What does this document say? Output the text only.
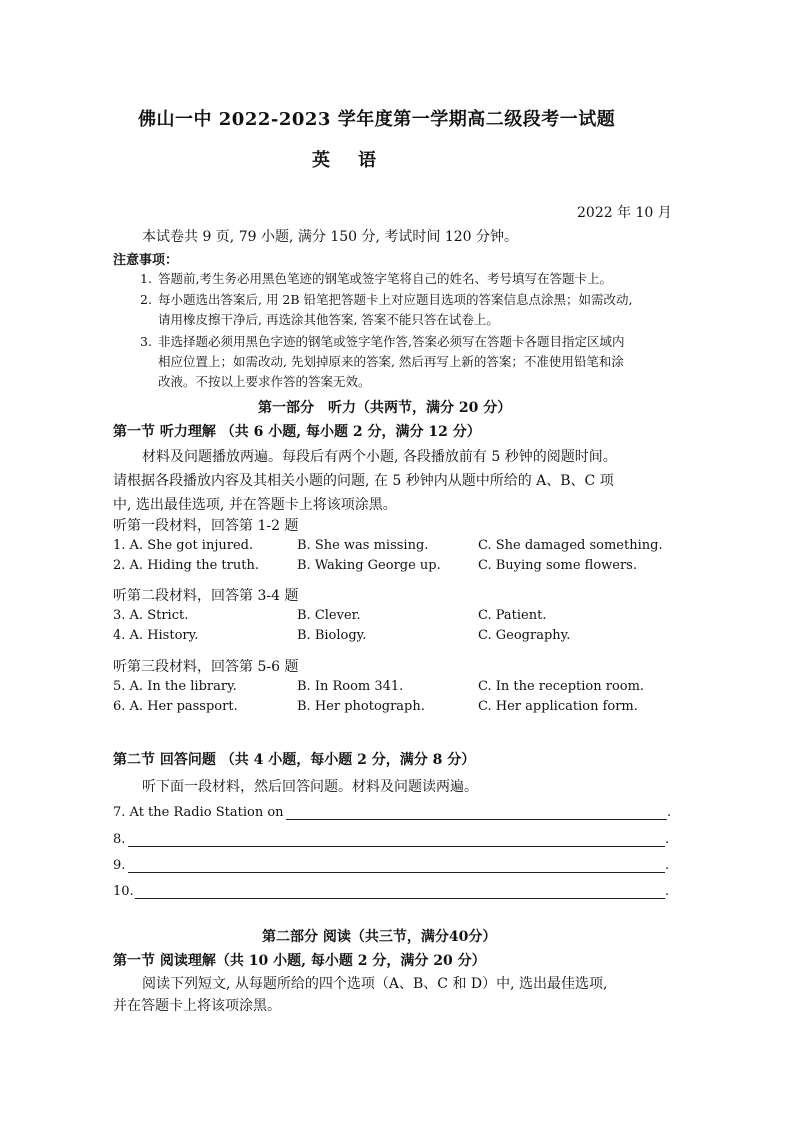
佛山一中 2022-2023 学年度第一学期高二级段考一试题
英语
2022 年 10 月
本试卷共 9 页, 79 小题, 满分 150 分, 考试时间 120 分钟。
注意事项：
1. 答题前,考生务必用黑色笔迹的钢笔或签字笔将自己的姓名、考号填写在答题卡上。
2. 每小题选出答案后, 用 2B 铅笔把答题卡上对应题目选项的答案信息点涂黑；如需改动,
请用橡皮擦干净后, 再选涂其他答案, 答案不能只答在试卷上。
3. 非选择题必须用黑色字迹的钢笔或签字笔作答,答案必须写在答题卡各题目指定区域内
相应位置上；如需改动, 先划掉原来的答案, 然后再写上新的答案；不准使用铅笔和涂
改液。不按以上要求作答的答案无效。
第一部分　听力（共两节，满分 20 分）
第一节 听力理解 （共 6 小题, 每小题 2 分，满分 12 分）
材料及问题播放两遍。每段后有两个小题, 各段播放前有 5 秒钟的阅题时间。
请根据各段播放内容及其相关小题的问题, 在 5 秒钟内从题中所给的 A、B、C 项
中, 选出最佳选项, 并在答题卡上将该项涂黑。
听第一段材料，回答第 1-2 题
1. A. She got injured.	B. She was missing.	C. She damaged something.
2. A. Hiding the truth.	B. Waking George up.	C. Buying some flowers.
听第二段材料，回答第 3-4 题
3. A. Strict.	B. Clever.	C. Patient.
4. A. History.	B. Biology.	C. Geography.
听第三段材料，回答第 5-6 题
5. A. In the library.	B. In Room 341.	C. In the reception room.
6. A. Her passport.	B. Her photograph.	C. Her application form.
第二节 回答问题 （共 4 小题，每小题 2 分，满分 8 分）
听下面一段材料，然后回答问题。材料及问题读两遍。
7. At the Radio Station on	.
8.	.
9.	.
10.	.
第二部分 阅读（共三节，满分40分）
第一节 阅读理解（共 10 小题, 每小题 2 分，满分 20 分）
阅读下列短文, 从每题所给的四个选项（A、B、C 和 D）中, 选出最佳选项,
并在答题卡上将该项涂黑。
